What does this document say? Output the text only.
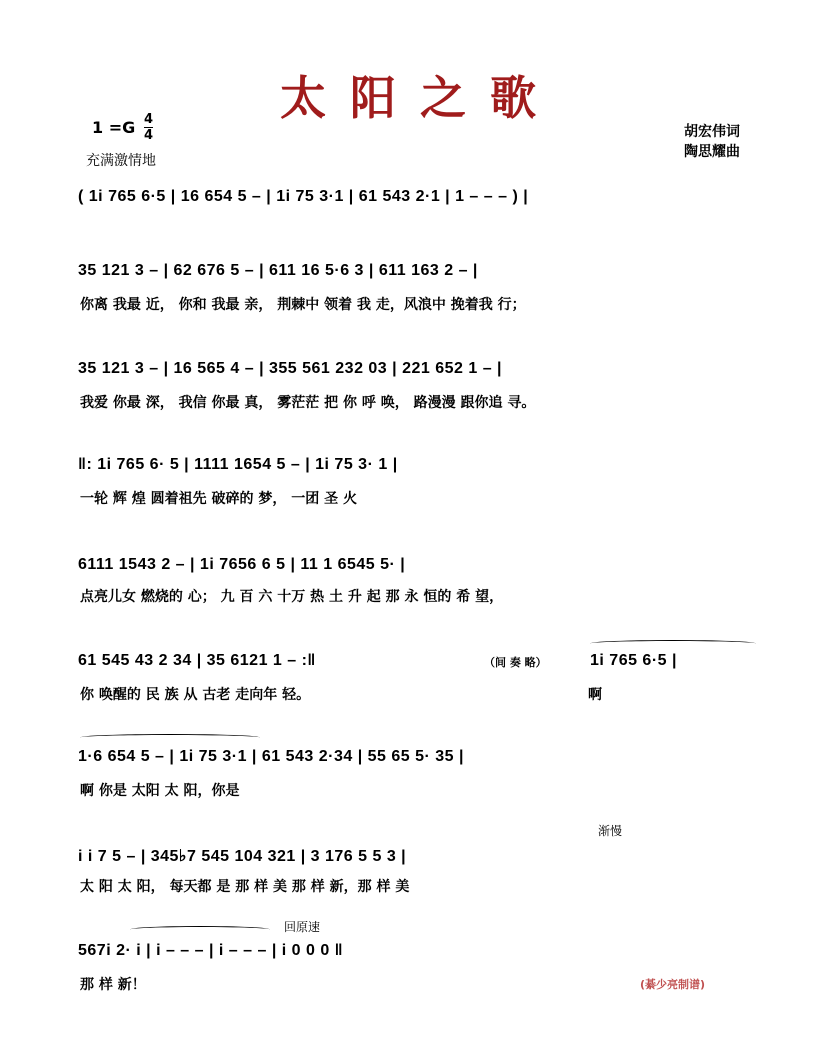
太阳之歌
1 =G 4
4
充满激情地
胡宏伟词
陶思耀曲
( 1i 765 6·5 | 16 654 5 – | 1i 75 3·1 | 61 543 2·1 | 1 – – – ) |
35 121 3 – | 62 676 5 – | 611 16 5·6 3 | 611 163 2 – |
你离 我最 近， 你和 我最 亲， 荆棘中 领着 我 走，风浪中 挽着我 行；
35 121 3 – | 16 565 4 – | 355 561 232 03 | 221 652 1 – |
我爱 你最 深， 我信 你最 真， 雾茫茫 把 你 呼 唤， 路漫漫 跟你追 寻。
‖: 1i 765 6· 5 | 1111 1654 5 – | 1i 75 3· 1 |
一轮 辉 煌 圆着祖先 破碎的 梦， 一团 圣 火
6111 1543 2 – | 1i 7656 6 5 | 11 1 6545 5· |
点亮儿女 燃烧的 心； 九 百 六 十万 热 土 升 起 那 永 恒的 希 望，
61 545 43 2 34 | 35 6121 1 – :‖	（间 奏 略）	1i 765 6·5 |
你 唤醒的 民 族 从 古老 走向年 轻。	啊
1·6 654 5 – | 1i 75 3·1 | 61 543 2·34 | 55 65 5· 35 |
啊 你是 太阳 太 阳，你是
渐慢
i i 7 5 – | 345♭7 545 104 321 | 3 176 5 5 3 |
太 阳 太 阳， 每天都 是 那 样 美 那 样 新，那 样 美
回原速
567i 2· i | i – – – | i – – – | i 0 0 0 ‖
那 样 新！	(綦少亮制谱)
